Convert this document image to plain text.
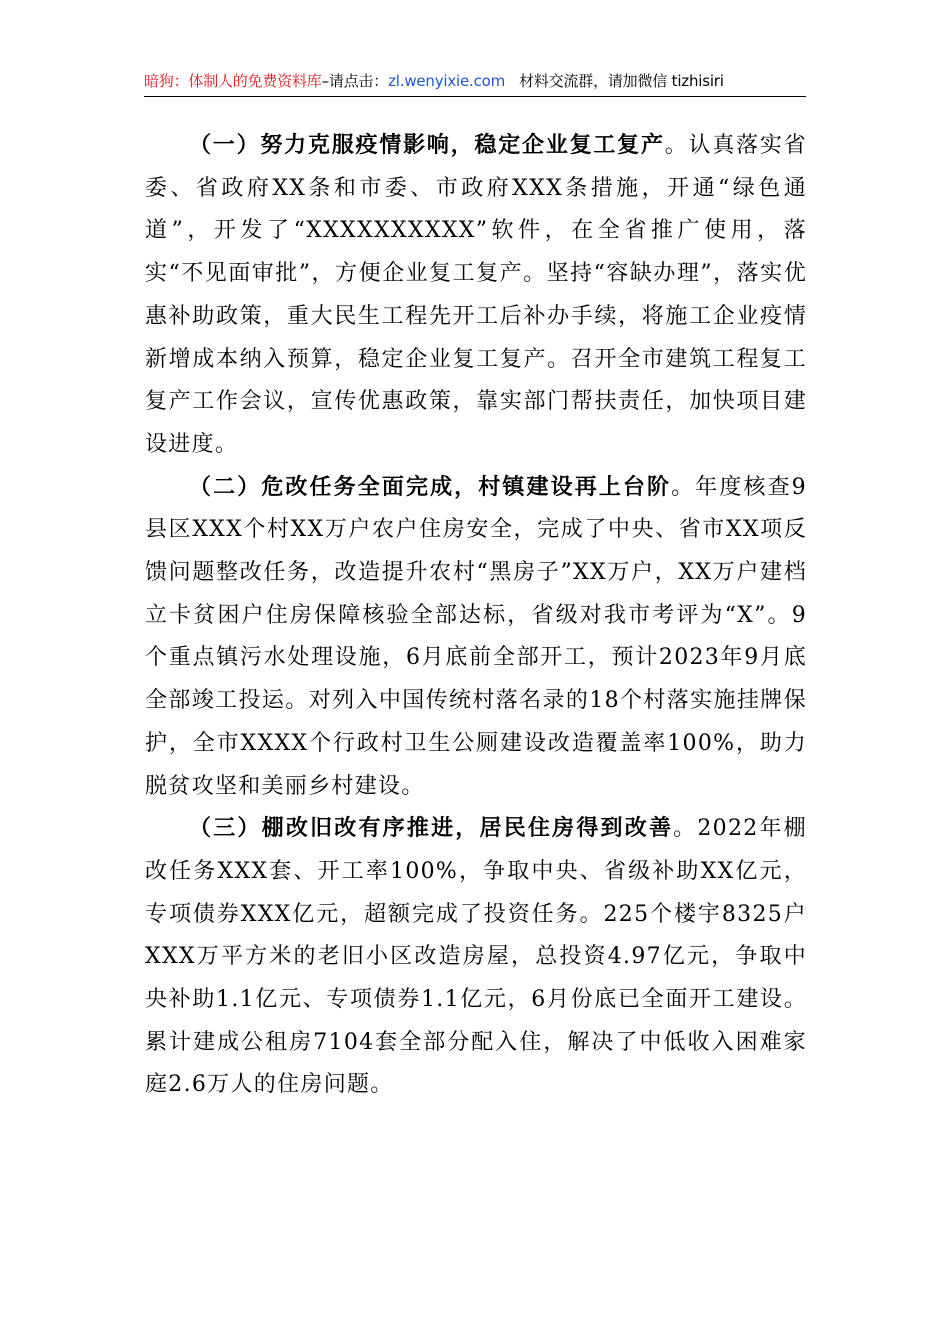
暗狗：体制人的免费资料库–请点击：zl.wenyixie.com 材料交流群，请加微信 tizhisiri

（一）努力克服疫情影响，稳定企业复工复产。认真落实省委、省政府XX条和市委、市政府XXX条措施，开通“绿色通道”，开发了“XXXXXXXXXX”软件，在全省推广使用，落实“不见面审批”，方便企业复工复产。坚持“容缺办理”，落实优惠补助政策，重大民生工程先开工后补办手续，将施工企业疫情新增成本纳入预算，稳定企业复工复产。召开全市建筑工程复工复产工作会议，宣传优惠政策，靠实部门帮扶责任，加快项目建设进度。

（二）危改任务全面完成，村镇建设再上台阶。年度核查9县区XXX个村XX万户农户住房安全，完成了中央、省市XX项反馈问题整改任务，改造提升农村“黑房子”XX万户，XX万户建档立卡贫困户住房保障核验全部达标，省级对我市考评为“X”。9个重点镇污水处理设施，6月底前全部开工，预计2023年9月底全部竣工投运。对列入中国传统村落名录的18个村落实施挂牌保护，全市XXXX个行政村卫生公厕建设改造覆盖率100%，助力脱贫攻坚和美丽乡村建设。

（三）棚改旧改有序推进，居民住房得到改善。2022年棚改任务XXX套、开工率100%，争取中央、省级补助XX亿元，专项债券XXX亿元，超额完成了投资任务。225个楼宇8325户XXX万平方米的老旧小区改造房屋，总投资4.97亿元，争取中央补助1.1亿元、专项债券1.1亿元，6月份底已全面开工建设。累计建成公租房7104套全部分配入住，解决了中低收入困难家庭2.6万人的住房问题。
